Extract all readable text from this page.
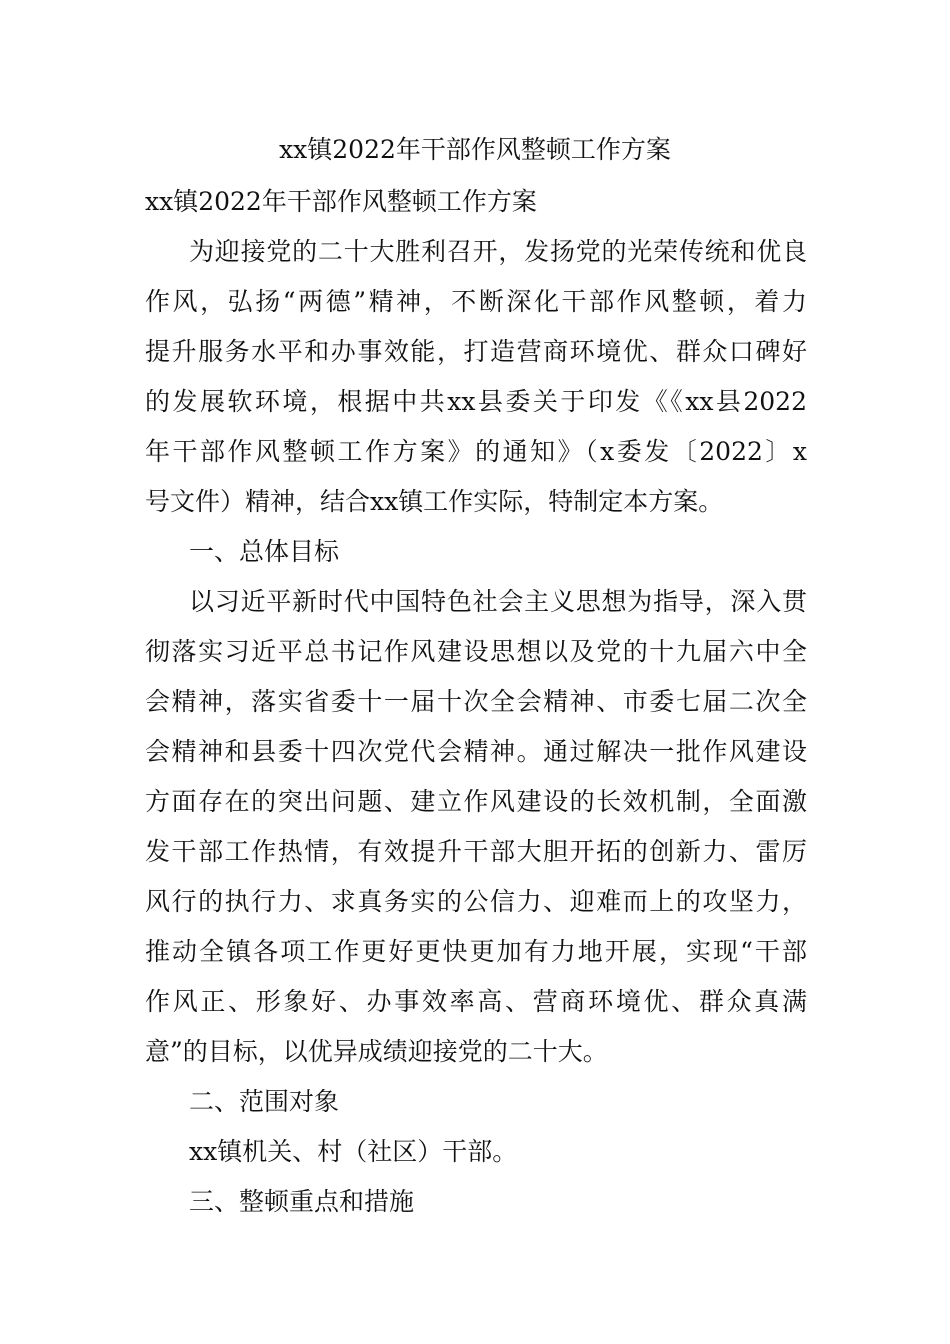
xx镇2022年干部作风整顿工作方案
xx镇2022年干部作风整顿工作方案
为迎接党的二十大胜利召开，发扬党的光荣传统和优良
作风，弘扬“两德”精神，不断深化干部作风整顿，着力
提升服务水平和办事效能，打造营商环境优、群众口碑好
的发展软环境，根据中共xx县委关于印发《《xx县2022
年干部作风整顿工作方案》的通知》（x委发〔2022〕x
号文件）精神，结合xx镇工作实际，特制定本方案。
一、总体目标
以习近平新时代中国特色社会主义思想为指导，深入贯
彻落实习近平总书记作风建设思想以及党的十九届六中全
会精神，落实省委十一届十次全会精神、市委七届二次全
会精神和县委十四次党代会精神。通过解决一批作风建设
方面存在的突出问题、建立作风建设的长效机制，全面激
发干部工作热情，有效提升干部大胆开拓的创新力、雷厉
风行的执行力、求真务实的公信力、迎难而上的攻坚力，
推动全镇各项工作更好更快更加有力地开展，实现“干部
作风正、形象好、办事效率高、营商环境优、群众真满
意”的目标，以优异成绩迎接党的二十大。
二、范围对象
xx镇机关、村（社区）干部。
三、整顿重点和措施
